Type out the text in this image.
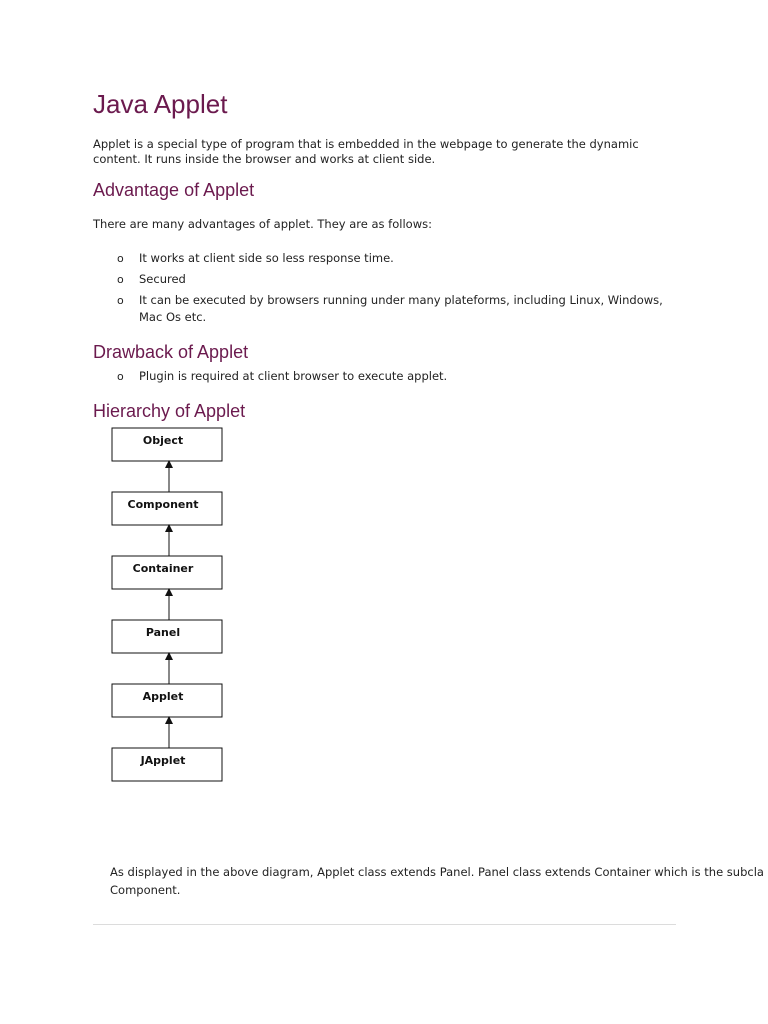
Java Applet

Applet is a special type of program that is embedded in the webpage to generate the dynamic
content. It runs inside the browser and works at client side.

Advantage of Applet

There are many advantages of applet. They are as follows:

o It works at client side so less response time.
o Secured
o It can be executed by browsers running under many plateforms, including Linux, Windows,
Mac Os etc.
Drawback of Applet
o Plugin is required at client browser to execute applet.
Hierarchy of Applet
Object
Component
Container
Panel
Applet
JApplet

As displayed in the above diagram, Applet class extends Panel. Panel class extends Container which is the subcla
Component.
